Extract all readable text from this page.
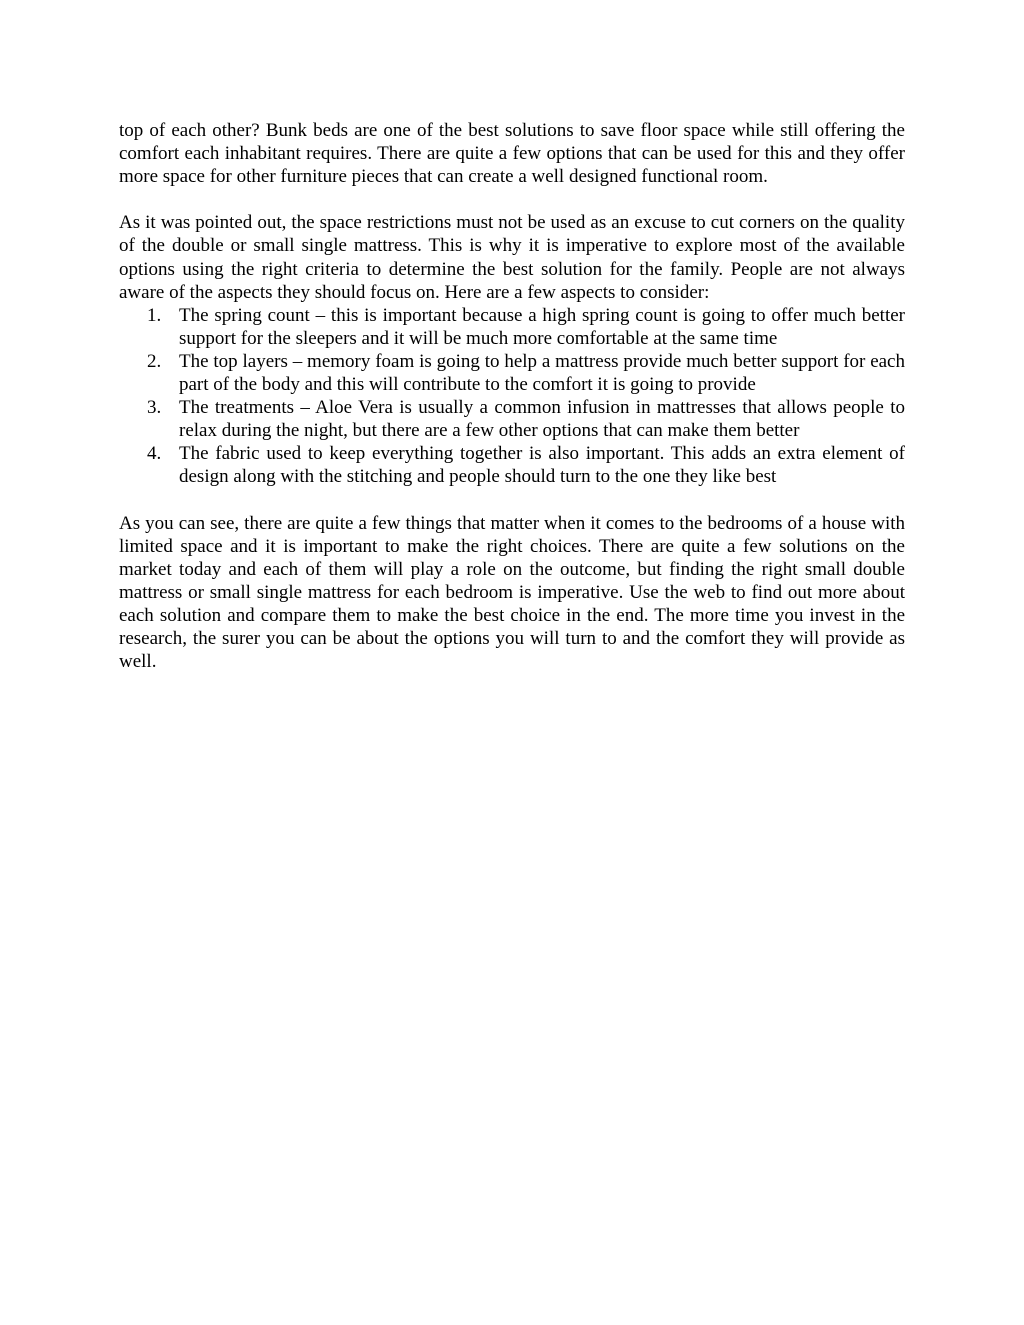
top of each other? Bunk beds are one of the best solutions to save floor space while still offering the comfort each inhabitant requires. There are quite a few options that can be used for this and they offer more space for other furniture pieces that can create a well designed functional room.

As it was pointed out, the space restrictions must not be used as an excuse to cut corners on the quality of the double or small single mattress. This is why it is imperative to explore most of the available options using the right criteria to determine the best solution for the family. People are not always aware of the aspects they should focus on. Here are a few aspects to consider:

1. The spring count – this is important because a high spring count is going to offer much better support for the sleepers and it will be much more comfortable at the same time
2. The top layers – memory foam is going to help a mattress provide much better support for each part of the body and this will contribute to the comfort it is going to provide
3. The treatments – Aloe Vera is usually a common infusion in mattresses that allows people to relax during the night, but there are a few other options that can make them better
4. The fabric used to keep everything together is also important. This adds an extra element of design along with the stitching and people should turn to the one they like best

As you can see, there are quite a few things that matter when it comes to the bedrooms of a house with limited space and it is important to make the right choices. There are quite a few solutions on the market today and each of them will play a role on the outcome, but finding the right small double mattress or small single mattress for each bedroom is imperative. Use the web to find out more about each solution and compare them to make the best choice in the end. The more time you invest in the research, the surer you can be about the options you will turn to and the comfort they will provide as well.
